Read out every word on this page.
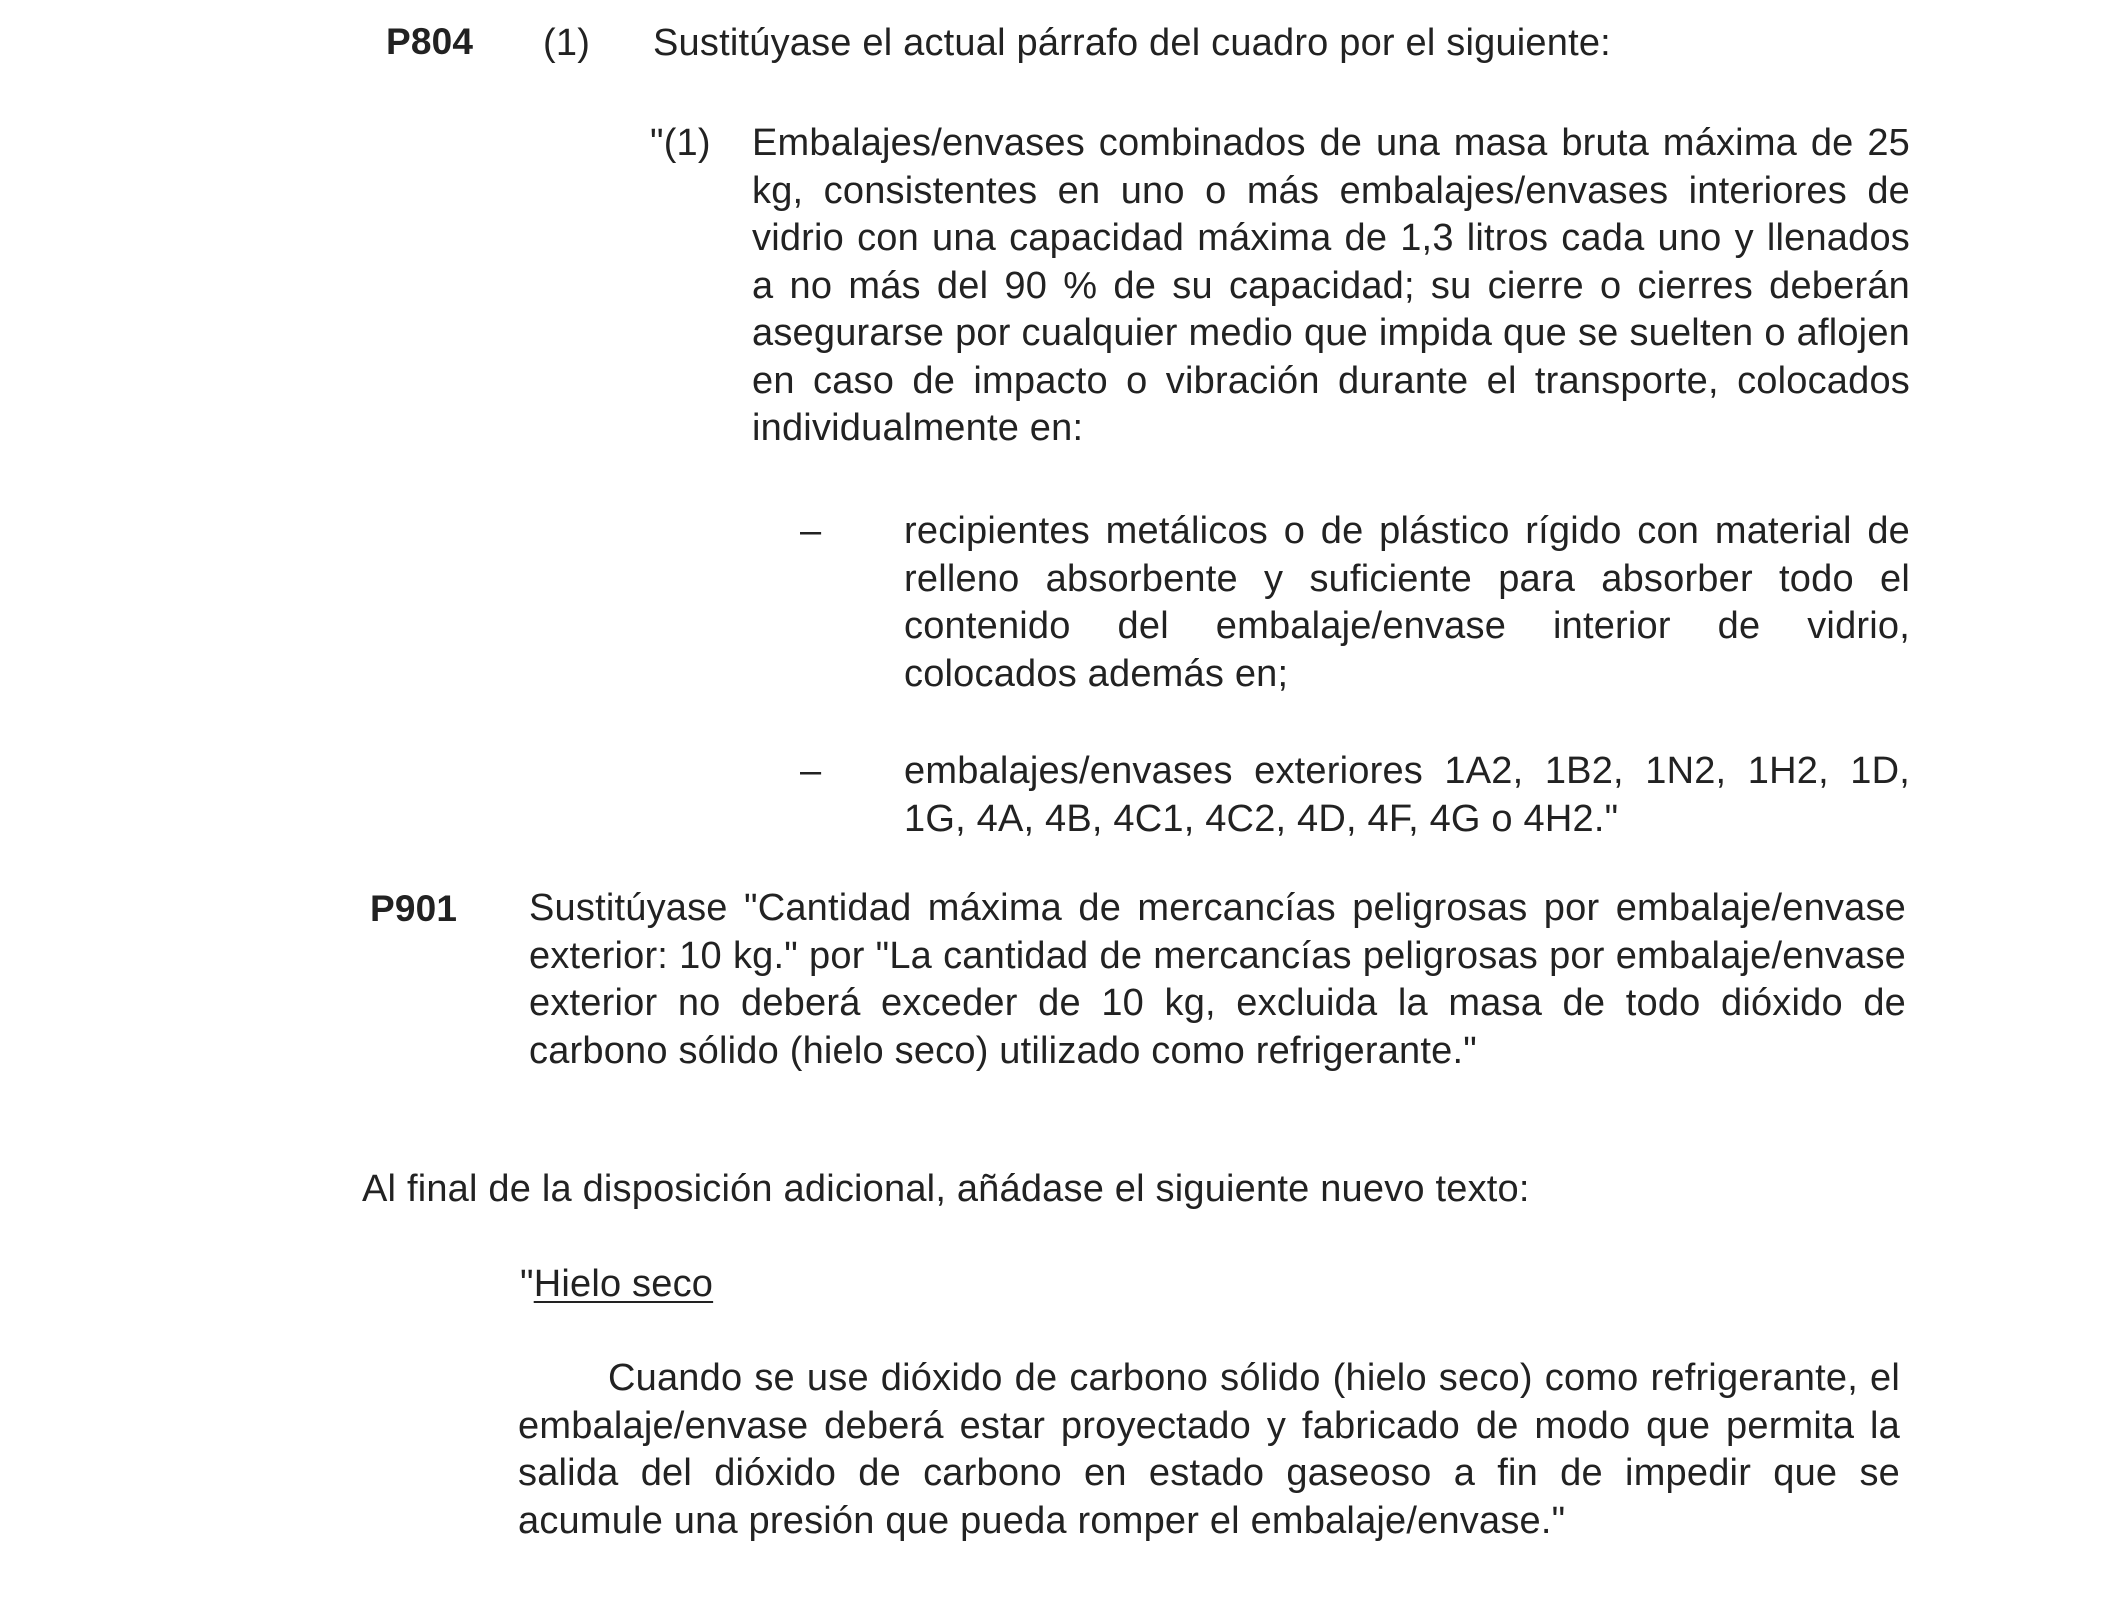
P804 (1) Sustitúyase el actual párrafo del cuadro por el siguiente:
"(1) Embalajes/envases combinados de una masa bruta máxima de 25 kg, consistentes en uno o más embalajes/envases interiores de vidrio con una capacidad máxima de 1,3 litros cada uno y llenados a no más del 90 % de su capacidad; su cierre o cierres deberán asegurarse por cualquier medio que impida que se suelten o aflojen en caso de impacto o vibración durante el transporte, colocados individualmente en:
– recipientes metálicos o de plástico rígido con material de relleno absorbente y suficiente para absorber todo el contenido del embalaje/envase interior de vidrio, colocados además en;
– embalajes/envases exteriores 1A2, 1B2, 1N2, 1H2, 1D, 1G, 4A, 4B, 4C1, 4C2, 4D, 4F, 4G o 4H2."
P901 Sustitúyase "Cantidad máxima de mercancías peligrosas por embalaje/envase exterior: 10 kg." por "La cantidad de mercancías peligrosas por embalaje/envase exterior no deberá exceder de 10 kg, excluida la masa de todo dióxido de carbono sólido (hielo seco) utilizado como refrigerante."
Al final de la disposición adicional, añádase el siguiente nuevo texto:
"Hielo seco
Cuando se use dióxido de carbono sólido (hielo seco) como refrigerante, el embalaje/envase deberá estar proyectado y fabricado de modo que permita la salida del dióxido de carbono en estado gaseoso a fin de impedir que se acumule una presión que pueda romper el embalaje/envase."
